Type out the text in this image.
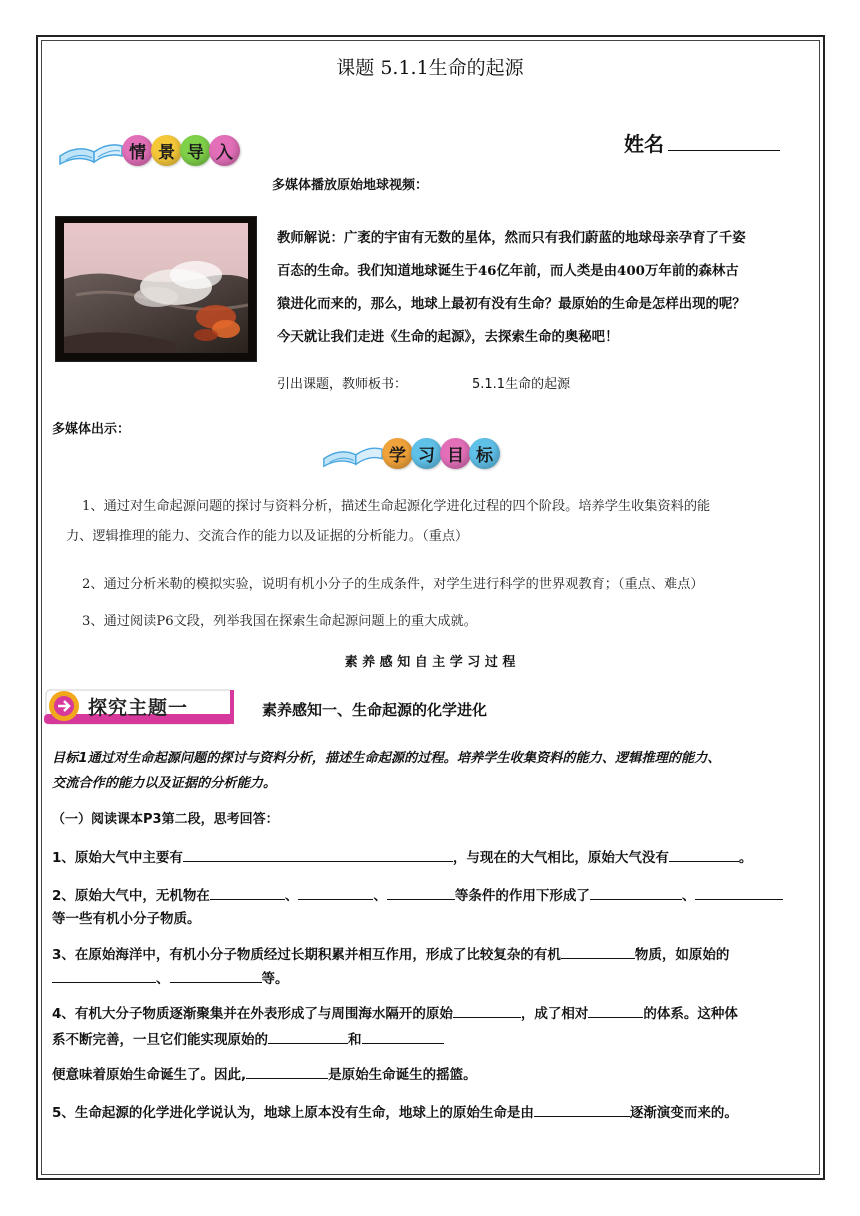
课题 5.1.1生命的起源
情 景 导 入	姓名
多媒体播放原始地球视频：
教师解说：广袤的宇宙有无数的星体，然而只有我们蔚蓝的地球母亲孕育了千姿
百态的生命。我们知道地球诞生于46亿年前，而人类是由400万年前的森林古
猿进化而来的，那么，地球上最初有没有生命？最原始的生命是怎样出现的呢？
今天就让我们走进《生命的起源》，去探索生命的奥秘吧！
引出课题，教师板书：	5.1.1生命的起源
多媒体出示：
学 习 目 标
1、通过对生命起源问题的探讨与资料分析，描述生命起源化学进化过程的四个阶段。培养学生收集资料的能
力、逻辑推理的能力、交流合作的能力以及证据的分析能力。（重点）
2、通过分析米勒的模拟实验，说明有机小分子的生成条件，对学生进行科学的世界观教育；（重点、难点）
3、通过阅读P6文段，列举我国在探索生命起源问题上的重大成就。
素 养 感 知 自 主 学 习 过 程
探究主题一	素养感知一、生命起源的化学进化
目标1通过对生命起源问题的探讨与资料分析，描述生命起源的过程。培养学生收集资料的能力、逻辑推理的能力、
交流合作的能力以及证据的分析能力。
（一）阅读课本P3第二段，思考回答：
1、原始大气中主要有	，与现在的大气相比，原始大气没有	。
2、原始大气中，无机物在	、	、	等条件的作用下形成了	、
等一些有机小分子物质。
3、在原始海洋中，有机小分子物质经过长期积累并相互作用，形成了比较复杂的有机	物质，如原始的
、	等。
4、有机大分子物质逐渐聚集并在外表形成了与周围海水隔开的原始	，成了相对	的体系。这种体
系不断完善，一旦它们能实现原始的	和
便意味着原始生命诞生了。因此,	是原始生命诞生的摇篮。
5、生命起源的化学进化学说认为，地球上原本没有生命，地球上的原始生命是由	逐渐演变而来的。
